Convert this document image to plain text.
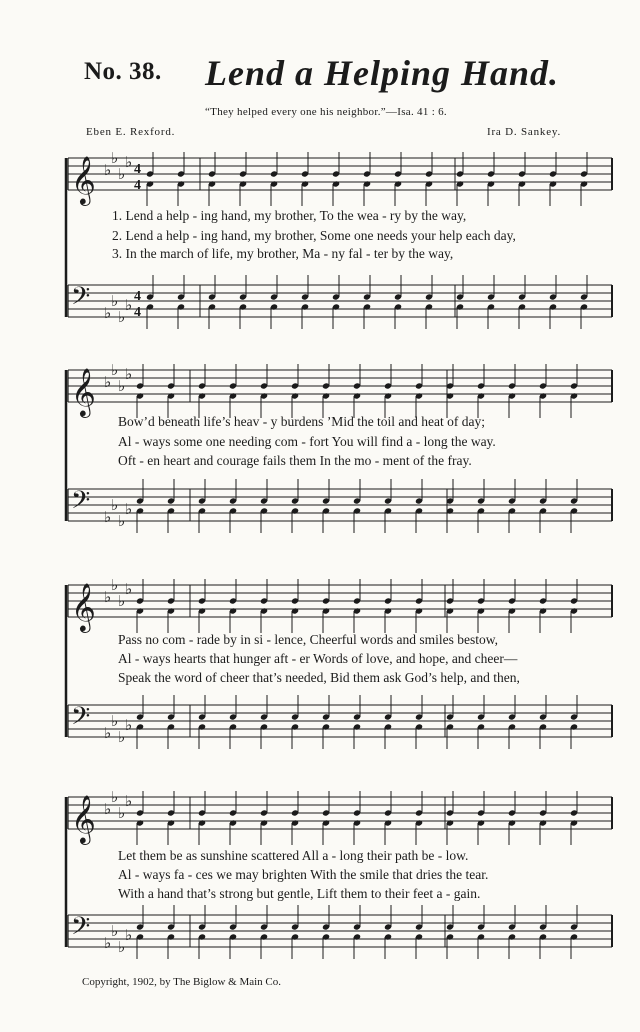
No. 38. Lend a Helping Hand.
“They helped every one his neighbor.”—Isa. 41 : 6.
Eben E. Rexford.	Ira D. Sankey.
𝄞 ♭
♭
♭
♭ 4
4
𝄢 ♭
♭
♭
♭ 4
4
𝄞 ♭
♭
♭
♭
𝄢 ♭
♭
♭
♭
𝄞 ♭
♭
♭
♭
𝄢 ♭
♭
♭
♭
𝄞 ♭
♭
♭
♭
𝄢 ♭
♭
♭
♭
1. Lend a help - ing hand, my brother, To the wea - ry by the way,
2. Lend a help - ing hand, my brother, Some one needs your help each day,
3. In the march of life, my brother, Ma - ny fal - ter by the way,
Bow’d beneath life’s heav - y burdens ’Mid the toil and heat of day;
Al - ways some one needing com - fort You will find a - long the way.
Oft - en heart and courage fails them In the mo - ment of the fray.
Pass no com - rade by in si - lence, Cheerful words and smiles bestow,
Al - ways hearts that hunger aft - er Words of love, and hope, and cheer—
Speak the word of cheer that’s needed, Bid them ask God’s help, and then,
Let them be as sunshine scattered All a - long their path be - low.
Al - ways fa - ces we may brighten With the smile that dries the tear.
With a hand that’s strong but gentle, Lift them to their feet a - gain.
Copyright, 1902, by The Biglow & Main Co.
